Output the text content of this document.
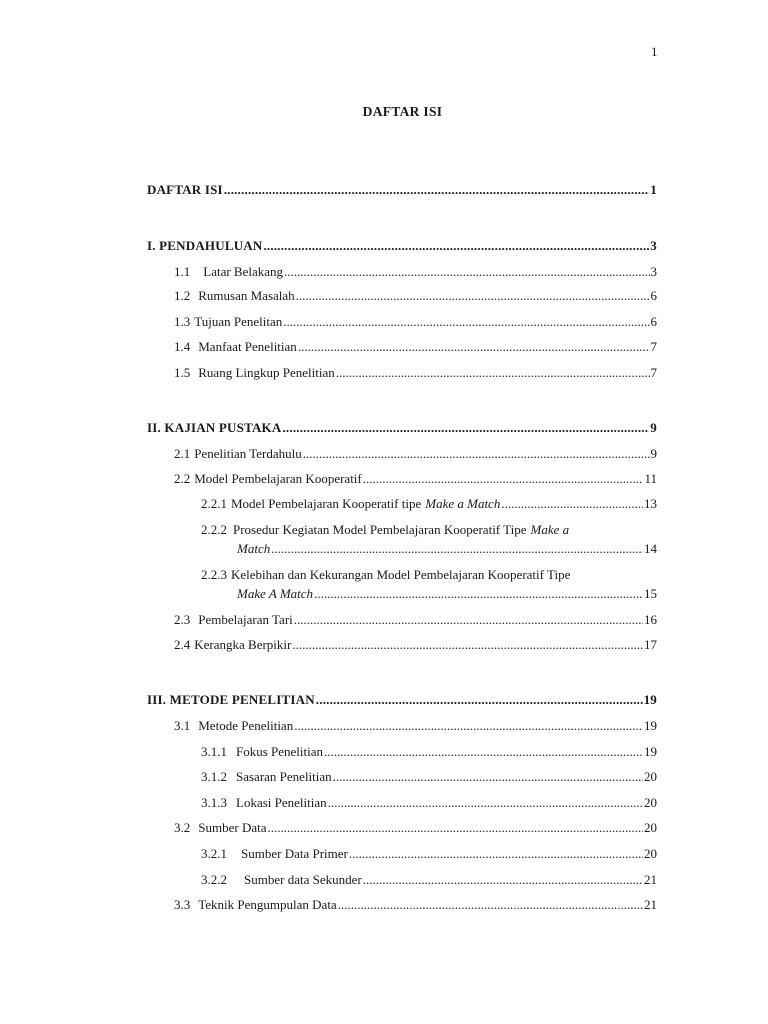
1
DAFTAR ISI
DAFTAR ISI .....	1
I. PENDAHULUAN .....	3
1.1 Latar Belakang .....	3
1.2 Rumusan Masalah .....	6
1.3 Tujuan Penelitan .....	6
1.4 Manfaat Penelitian .....	7
1.5 Ruang Lingkup Penelitian .....	7
II. KAJIAN PUSTAKA .....	9
2.1 Penelitian Terdahulu .....	9
2.2 Model Pembelajaran Kooperatif .....	11
2.2.1 Model Pembelajaran Kooperatif tipe Make a Match .....	13
2.2.2 Prosedur Kegiatan Model Pembelajaran Kooperatif Tipe Make a
Match .....	14
2.2.3 Kelebihan dan Kekurangan Model Pembelajaran Kooperatif Tipe
Make A Match .....	15
2.3 Pembelajaran Tari .....	16
2.4 Kerangka Berpikir .....	17
III. METODE PENELITIAN .....	19
3.1 Metode Penelitian .....	19
3.1.1 Fokus Penelitian .....	19
3.1.2 Sasaran Penelitian .....	20
3.1.3 Lokasi Penelitian .....	20
3.2 Sumber Data .....	20
3.2.1 Sumber Data Primer .....	20
3.2.2 Sumber data Sekunder .....	21
3.3 Teknik Pengumpulan Data .....	21
